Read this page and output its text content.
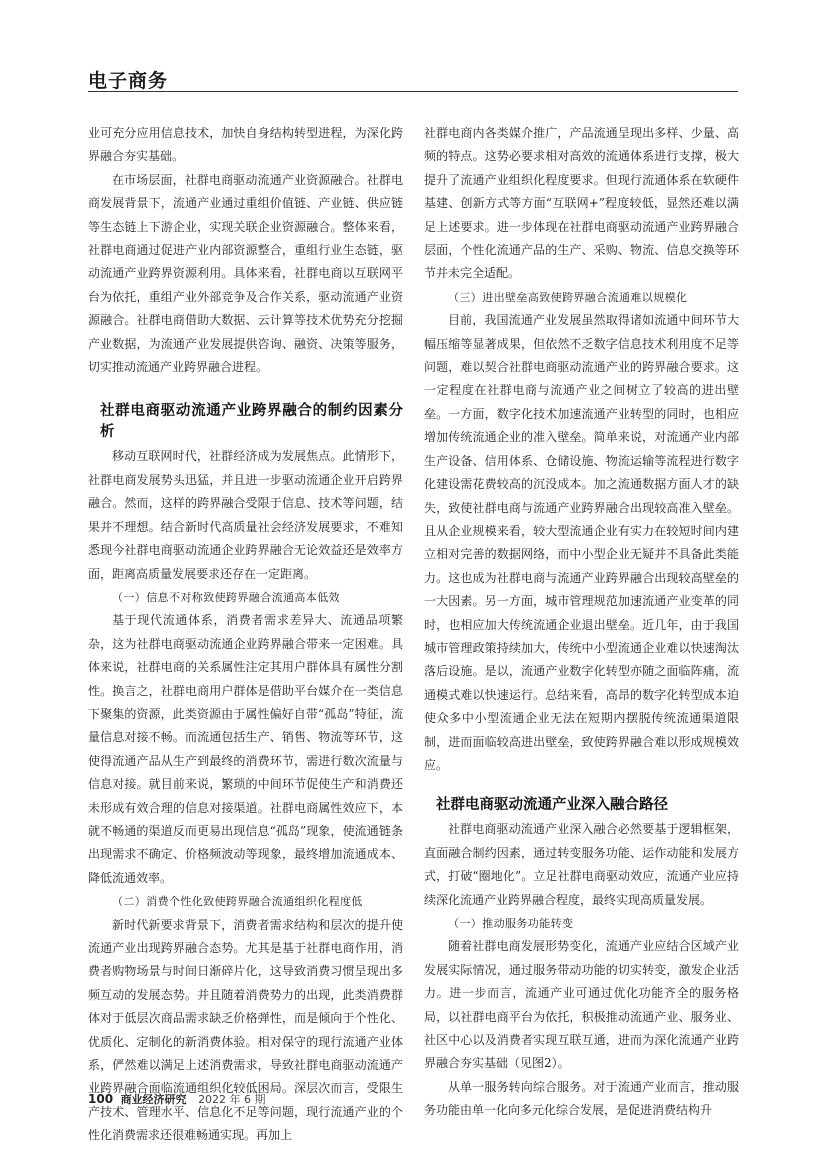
电子商务

业可充分应用信息技术，加快自身结构转型进程，为深化跨界融合夯实基础。

在市场层面，社群电商驱动流通产业资源融合。社群电商发展背景下，流通产业通过重组价值链、产业链、供应链等生态链上下游企业，实现关联企业资源融合。整体来看，社群电商通过促进产业内部资源整合，重组行业生态链，驱动流通产业跨界资源利用。具体来看，社群电商以互联网平台为依托，重组产业外部竞争及合作关系，驱动流通产业资源融合。社群电商借助大数据、云计算等技术优势充分挖掘产业数据，为流通产业发展提供咨询、融资、决策等服务，切实推动流通产业跨界融合进程。

社群电商驱动流通产业跨界融合的制约因素分析

移动互联网时代，社群经济成为发展焦点。此情形下，社群电商发展势头迅猛，并且进一步驱动流通企业开启跨界融合。然而，这样的跨界融合受限于信息、技术等问题，结果并不理想。结合新时代高质量社会经济发展要求，不难知悉现今社群电商驱动流通企业跨界融合无论效益还是效率方面，距离高质量发展要求还存在一定距离。

（一）信息不对称致使跨界融合流通高本低效

基于现代流通体系，消费者需求差异大、流通品项繁杂，这为社群电商驱动流通企业跨界融合带来一定困难。具体来说，社群电商的关系属性注定其用户群体具有属性分割性。换言之，社群电商用户群体是借助平台媒介在一类信息下聚集的资源，此类资源由于属性偏好自带“孤岛”特征，流量信息对接不畅。而流通包括生产、销售、物流等环节，这使得流通产品从生产到最终的消费环节，需进行数次流量与信息对接。就目前来说，繁琐的中间环节促使生产和消费还未形成有效合理的信息对接渠道。社群电商属性效应下，本就不畅通的渠道反而更易出现信息“孤岛”现象，使流通链条出现需求不确定、价格频波动等现象，最终增加流通成本、降低流通效率。

（二）消费个性化致使跨界融合流通组织化程度低

新时代新要求背景下，消费者需求结构和层次的提升使流通产业出现跨界融合态势。尤其是基于社群电商作用，消费者购物场景与时间日渐碎片化，这导致消费习惯呈现出多频互动的发展态势。并且随着消费势力的出现，此类消费群体对于低层次商品需求缺乏价格弹性，而是倾向于个性化、优质化、定制化的新消费体验。相对保守的现行流通产业体系，俨然难以满足上述消费需求，导致社群电商驱动流通产业跨界融合面临流通组织化较低困局。深层次而言，受限生产技术、管理水平、信息化不足等问题，现行流通产业的个性化消费需求还很难畅通实现。再加上

社群电商内各类媒介推广，产品流通呈现出多样、少量、高频的特点。这势必要求相对高效的流通体系进行支撑，极大提升了流通产业组织化程度要求。但现行流通体系在软硬件基建、创新方式等方面“互联网+”程度较低，显然还难以满足上述要求。进一步体现在社群电商驱动流通产业跨界融合层面，个性化流通产品的生产、采购、物流、信息交换等环节并未完全适配。

（三）进出壁垒高致使跨界融合流通难以规模化

目前，我国流通产业发展虽然取得诸如流通中间环节大幅压缩等显著成果，但依然不乏数字信息技术利用度不足等问题，难以契合社群电商驱动流通产业的跨界融合要求。这一定程度在社群电商与流通产业之间树立了较高的进出壁垒。一方面，数字化技术加速流通产业转型的同时，也相应增加传统流通企业的准入壁垒。简单来说，对流通产业内部生产设备、信用体系、仓储设施、物流运输等流程进行数字化建设需花费较高的沉没成本。加之流通数据方面人才的缺失，致使社群电商与流通产业跨界融合出现较高准入壁垒。且从企业规模来看，较大型流通企业有实力在较短时间内建立相对完善的数据网络，而中小型企业无疑并不具备此类能力。这也成为社群电商与流通产业跨界融合出现较高壁垒的一大因素。另一方面，城市管理规范加速流通产业变革的同时，也相应加大传统流通企业退出壁垒。近几年，由于我国城市管理政策持续加大，传统中小型流通企业难以快速淘汰落后设施。是以，流通产业数字化转型亦随之面临阵痛，流通模式难以快速运行。总结来看，高昂的数字化转型成本迫使众多中小型流通企业无法在短期内摆脱传统流通渠道限制，进而面临较高进出壁垒，致使跨界融合难以形成规模效应。

社群电商驱动流通产业深入融合路径

社群电商驱动流通产业深入融合必然要基于逻辑框架，直面融合制约因素，通过转变服务功能、运作动能和发展方式，打破“圈地化”。立足社群电商驱动效应，流通产业应持续深化流通产业跨界融合程度，最终实现高质量发展。

（一）推动服务功能转变

随着社群电商发展形势变化，流通产业应结合区域产业发展实际情况，通过服务带动功能的切实转变，激发企业活力。进一步而言，流通产业可通过优化功能齐全的服务格局，以社群电商平台为依托，积极推动流通产业、服务业、社区中心以及消费者实现互联互通，进而为深化流通产业跨界融合夯实基础（见图2）。

从单一服务转向综合服务。对于流通产业而言，推动服务功能由单一化向多元化综合发展，是促进消费结构升

100 商业经济研究 2022 年 6 期
